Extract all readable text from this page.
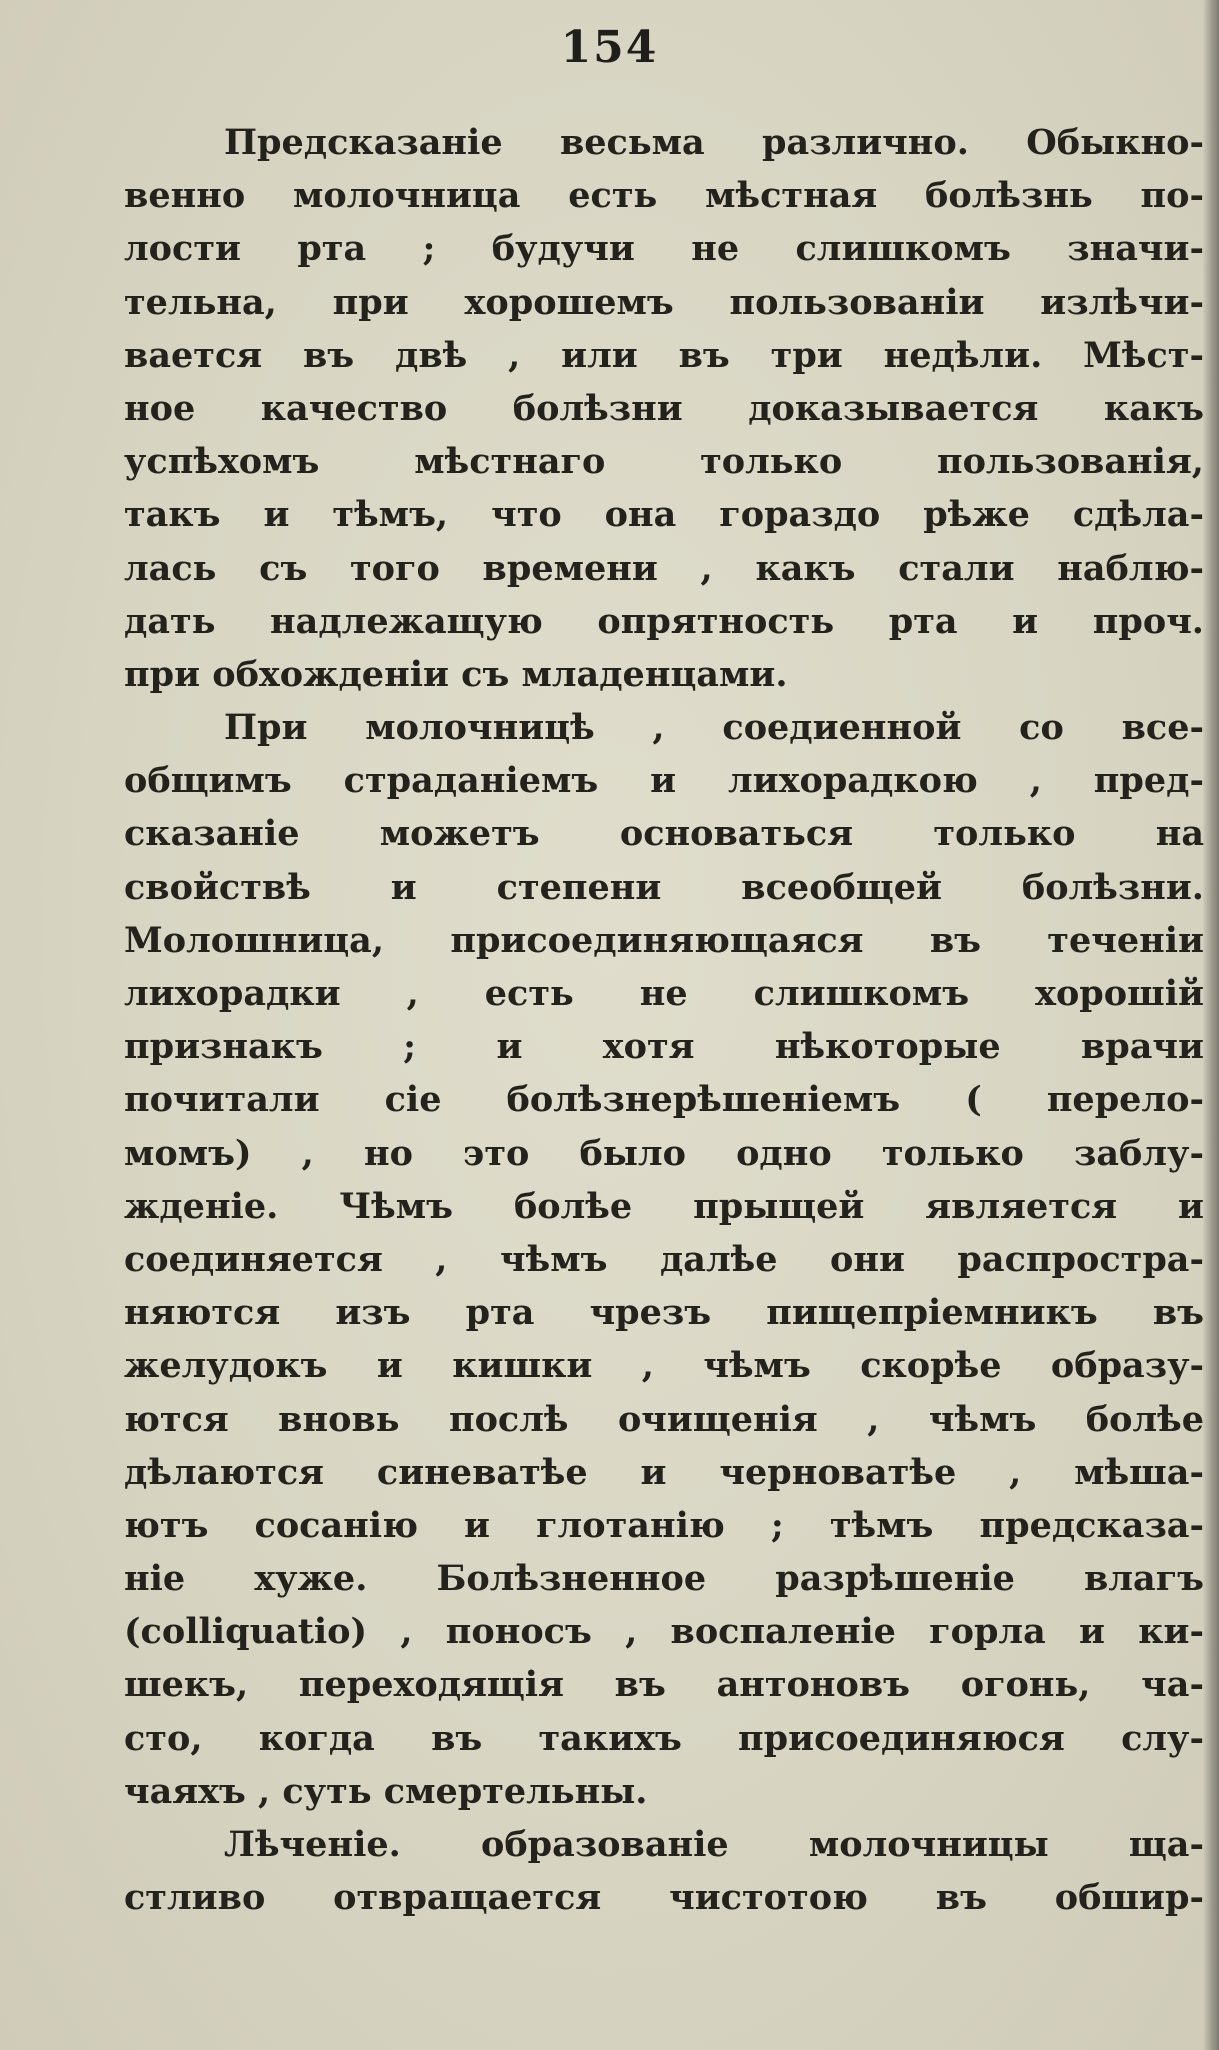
154
Предсказаніе весьма различно. Обыкно-
венно молочница есть мѣстная болѣзнь по-
лости рта ; будучи не слишкомъ значи-
тельна, при хорошемъ пользованіи излѣчи-
вается въ двѣ , или въ три недѣли. Мѣст-
ное качество болѣзни доказывается какъ
успѣхомъ мѣстнаго только пользованія,
такъ и тѣмъ, что она гораздо рѣже сдѣла-
лась съ того времени , какъ стали наблю-
дать надлежащую опрятность рта и проч.
при обхожденіи съ младенцами.
При молочницѣ , соедиенной со все-
общимъ страданіемъ и лихорадкою , пред-
сказаніе можетъ основаться только на
свойствѣ и степени всеобщей болѣзни.
Молошница, присоединяющаяся въ теченіи
лихорадки , есть не слишкомъ хорошій
признакъ ; и хотя нѣкоторые врачи
почитали сіе болѣзнерѣшеніемъ ( перело-
момъ) , но это было одно только заблу-
жденіе. Чѣмъ болѣе прыщей является и
соединяется , чѣмъ далѣе они распростра-
няются изъ рта чрезъ пищепріемникъ въ
желудокъ и кишки , чѣмъ скорѣе образу-
ются вновь послѣ очищенія , чѣмъ болѣе
дѣлаются синеватѣе и черноватѣе , мѣша-
ютъ сосанію и глотанію ; тѣмъ предсказа-
ніе хуже. Болѣзненное разрѣшеніе влагъ
(colliquatio) , поносъ , воспаленіе горла и ки-
шекъ, переходящія въ антоновъ огонь, ча-
сто, когда въ такихъ присоединяюся слу-
чаяхъ , суть смертельны.
Лѣченіе. образованіе молочницы ща-
стливо отвращается чистотою въ обшир-
